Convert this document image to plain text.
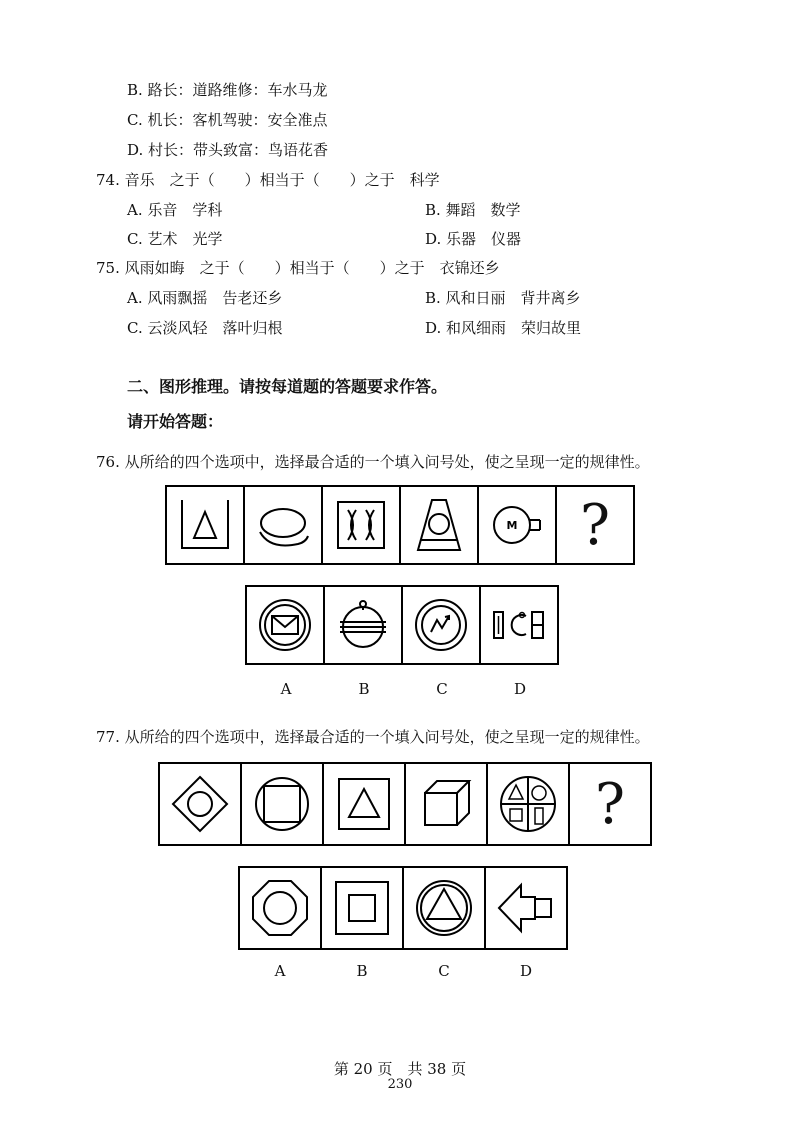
B. 路长：道路维修：车水马龙
C. 机长：客机驾驶：安全准点
D. 村长：带头致富：鸟语花香
74. 音乐　之于（　　）相当于（　　）之于　科学
A. 乐音　学科	B. 舞蹈　数学
C. 艺术　光学	D. 乐器　仪器
75. 风雨如晦　之于（　　）相当于（　　）之于　衣锦还乡
A. 风雨飘摇　告老还乡	B. 风和日丽　背井离乡
C. 云淡风轻　落叶归根	D. 和风细雨　荣归故里
二、图形推理。请按每道题的答题要求作答。
请开始答题：
76. 从所给的四个选项中，选择最合适的一个填入问号处，使之呈现一定的规律性。
M ?
A	B	C	D
77. 从所给的四个选项中，选择最合适的一个填入问号处，使之呈现一定的规律性。
?
A	B	C	D
第 20 页　共 38 页
230
